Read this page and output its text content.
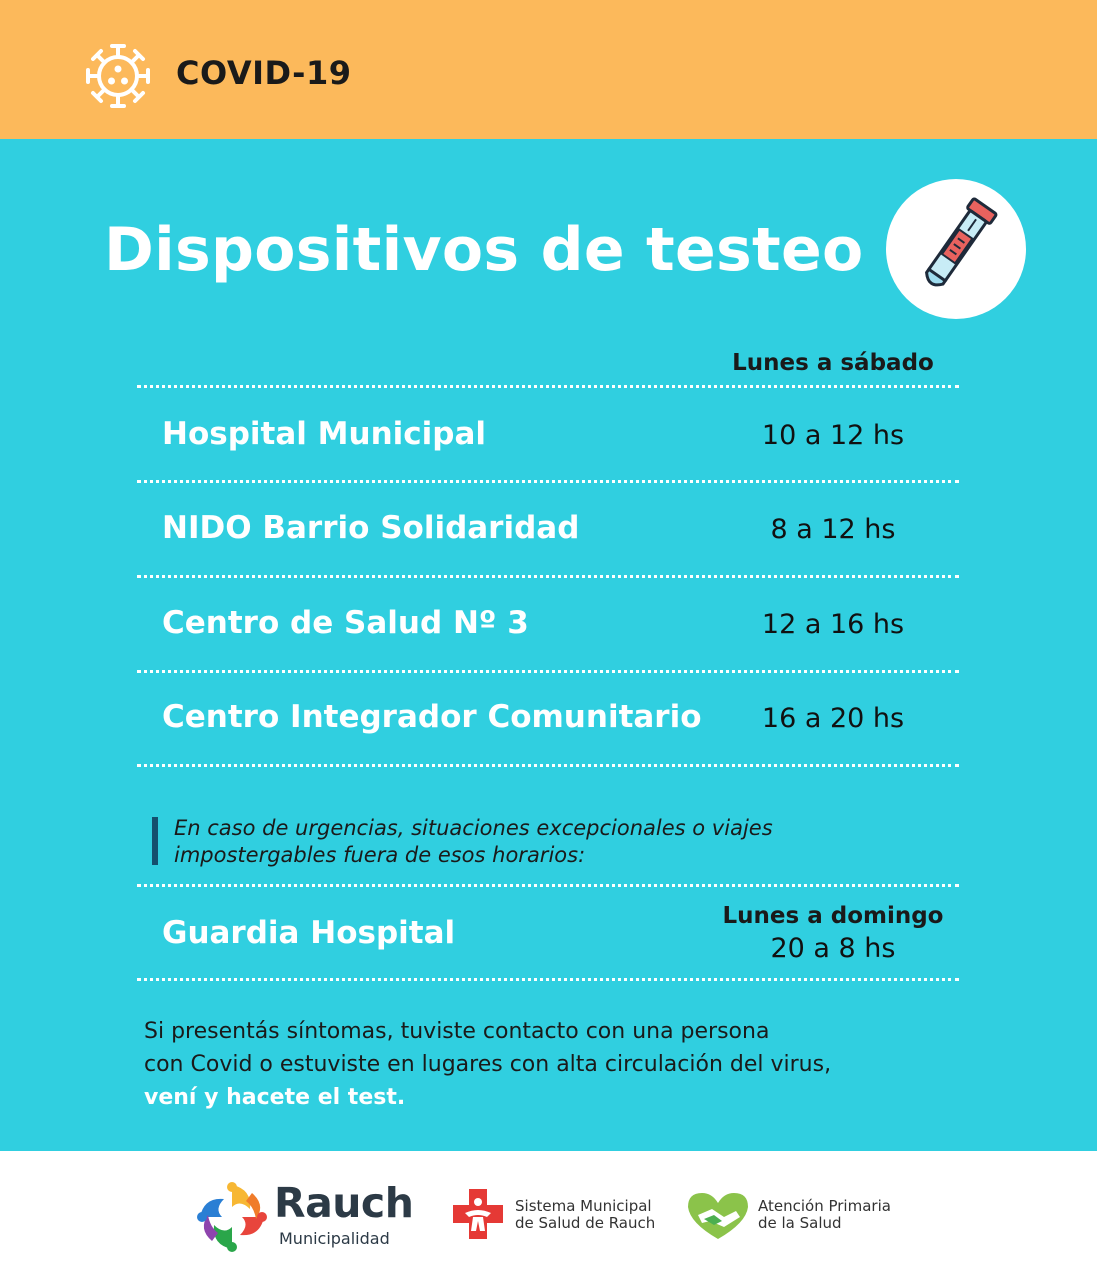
COVID-19
Dispositivos de testeo
Lunes a sábado
Hospital Municipal	10 a 12 hs
NIDO Barrio Solidaridad	8 a 12 hs
Centro de Salud Nº 3	12 a 16 hs
Centro Integrador Comunitario	16 a 20 hs
En caso de urgencias, situaciones excepcionales o viajes
impostergables fuera de esos horarios:
Guardia Hospital	Lunes a domingo
20 a 8 hs
Si presentás síntomas, tuviste contacto con una persona
con Covid o estuviste en lugares con alta circulación del virus,
vení y hacete el test.
Rauch
Municipalidad
Sistema Municipal
de Salud de Rauch
Atención Primaria
de la Salud
